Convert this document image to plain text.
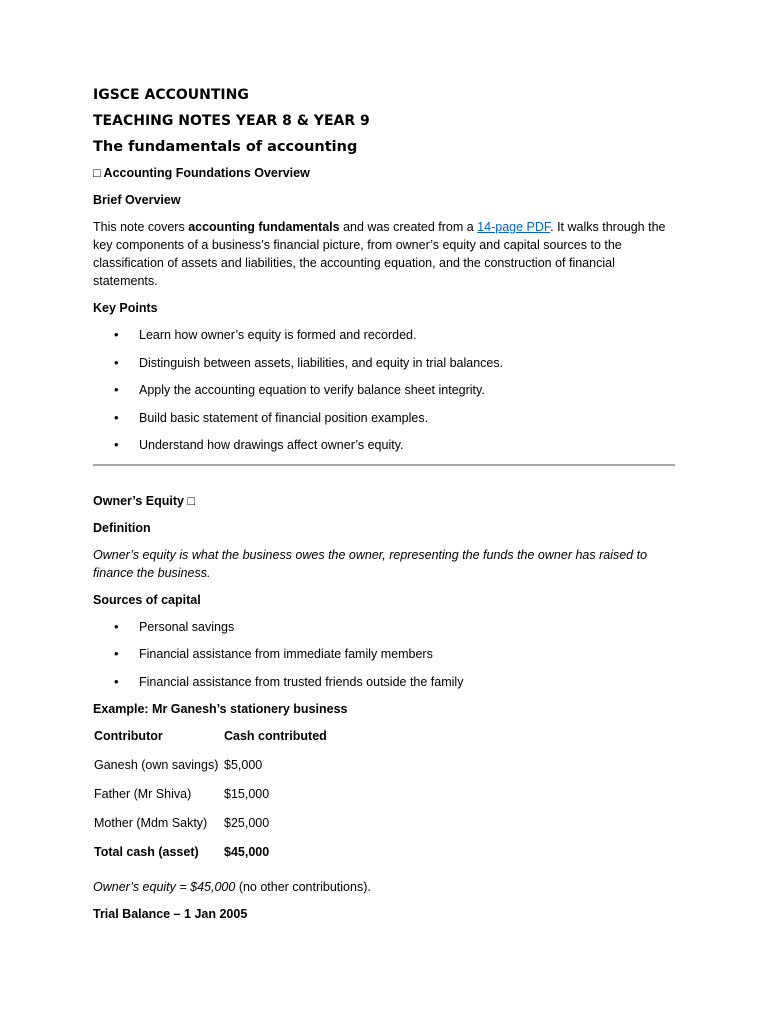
IGSCE ACCOUNTING
TEACHING NOTES YEAR 8 & YEAR 9
The fundamentals of accounting
□ Accounting Foundations Overview
Brief Overview

This note covers accounting fundamentals and was created from a 14-page PDF. It walks through the key components of a business’s financial picture, from owner’s equity and capital sources to the classification of assets and liabilities, the accounting equation, and the construction of financial statements.

Key Points
• Learn how owner’s equity is formed and recorded.
• Distinguish between assets, liabilities, and equity in trial balances.
• Apply the accounting equation to verify balance sheet integrity.
• Build basic statement of financial position examples.
• Understand how drawings affect owner’s equity.
Owner’s Equity □
Definition

Owner’s equity is what the business owes the owner, representing the funds the owner has raised to finance the business.

Sources of capital
• Personal savings
• Financial assistance from immediate family members
• Financial assistance from trusted friends outside the family
Example: Mr Ganesh’s stationery business
Contributor	Cash contributed
Ganesh (own savings)	$5,000
Father (Mr Shiva)	$15,000
Mother (Mdm Sakty)	$25,000
Total cash (asset)	$45,000

Owner’s equity = $45,000 (no other contributions).

Trial Balance – 1 Jan 2005
